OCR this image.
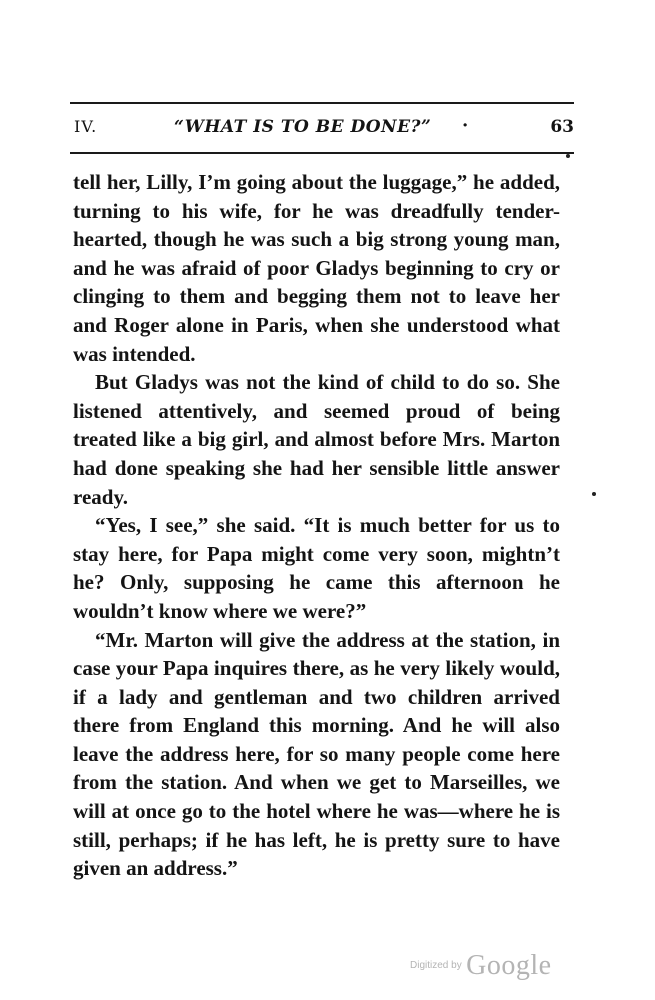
IV.	“WHAT IS TO BE DONE?” ·	63

tell her, Lilly, I’m going about the luggage,” he added, turning to his wife, for he was dreadfully tender-hearted, though he was such a big strong young man, and he was afraid of poor Gladys beginning to cry or clinging to them and begging them not to leave her and Roger alone in Paris, when she understood what was intended.

But Gladys was not the kind of child to do so. She listened attentively, and seemed proud of being treated like a big girl, and almost before Mrs. Marton had done speaking she had her sensible little answer ready.

“Yes, I see,” she said. “It is much better for us to stay here, for Papa might come very soon, mightn’t he? Only, supposing he came this afternoon he wouldn’t know where we were?”

“Mr. Marton will give the address at the station, in case your Papa inquires there, as he very likely would, if a lady and gentleman and two children arrived there from England this morning. And he will also leave the address here, for so many people come here from the station. And when we get to Marseilles, we will at once go to the hotel where he was—where he is still, perhaps; if he has left, he is pretty sure to have given an address.”

$^{Digitized by}$ Google
